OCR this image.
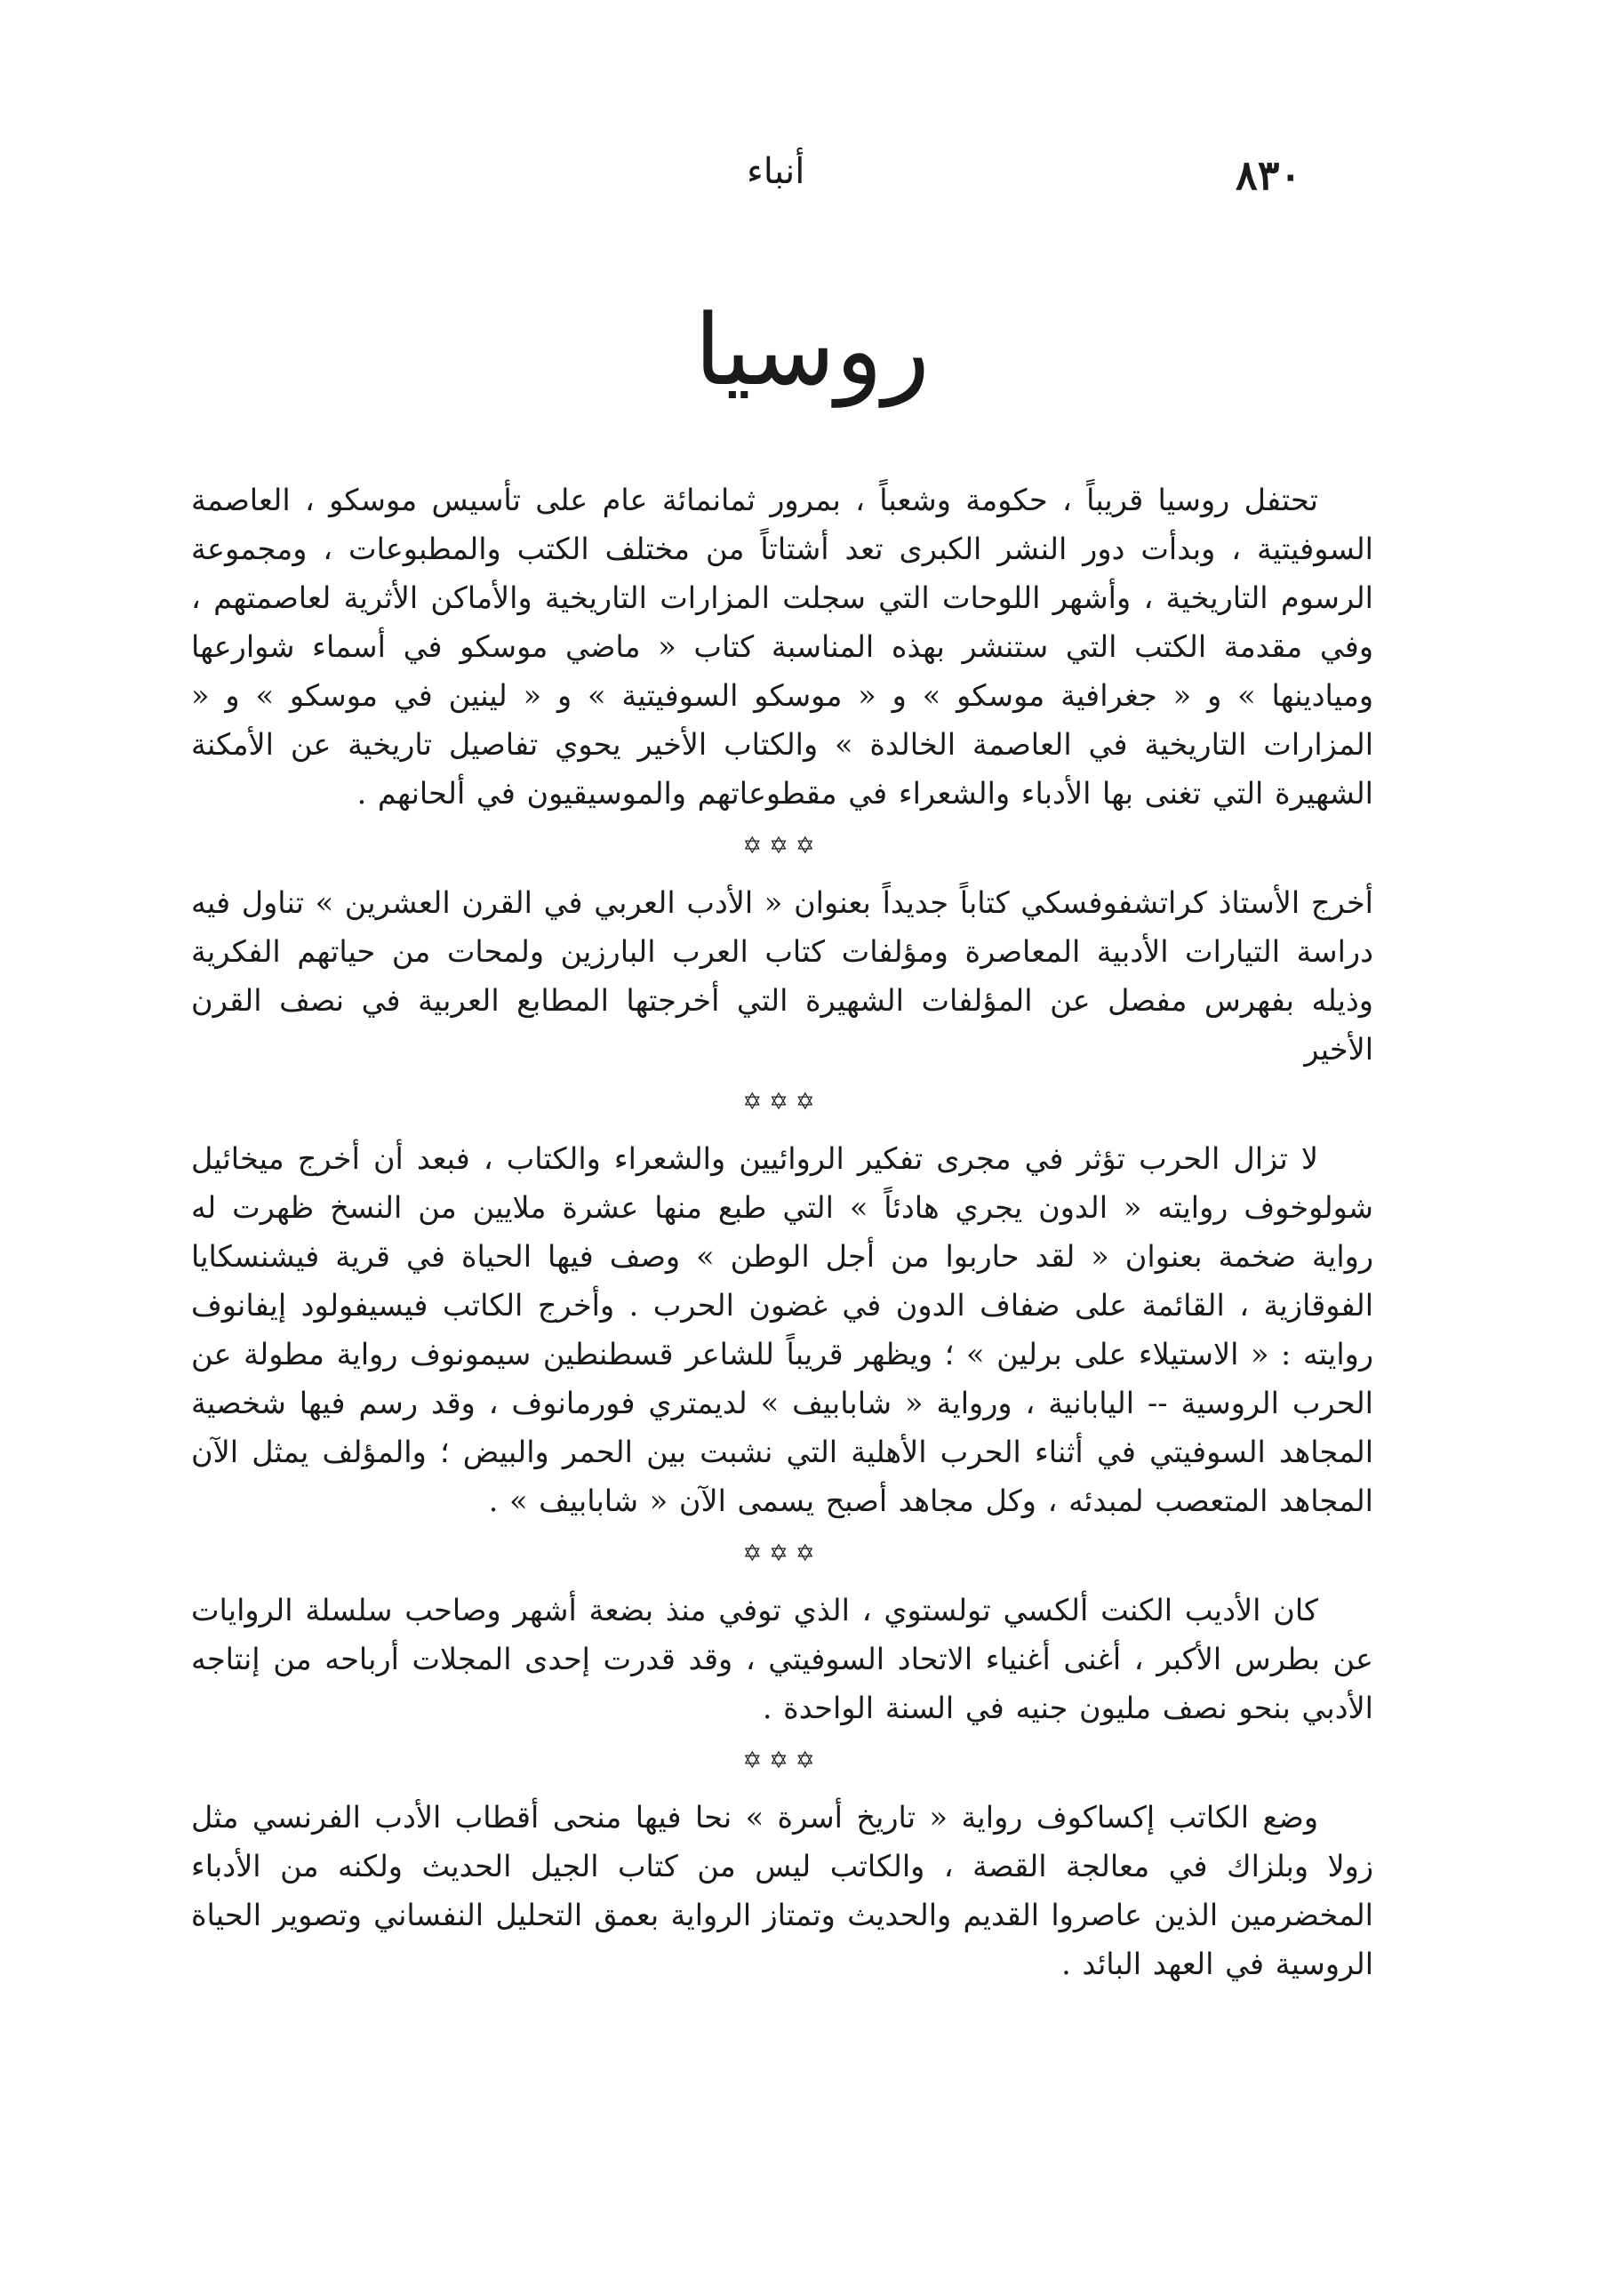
٨٣٠
أنباء
روسيا

تحتفل روسيا قريباً ، حكومة وشعباً ، بمرور ثمانمائة عام على تأسيس موسكو ، العاصمة السوفيتية ، وبدأت دور النشر الكبرى تعد أشتاتاً من مختلف الكتب والمطبوعات ، ومجموعة الرسوم التاريخية ، وأشهر اللوحات التي سجلت المزارات التاريخية والأماكن الأثرية لعاصمتهم ، وفي مقدمة الكتب التي ستنشر بهذه المناسبة كتاب « ماضي موسكو في أسماء شوارعها وميادينها » و « جغرافية موسكو » و « موسكو السوفيتية » و « لينين في موسكو » و « المزارات التاريخية في العاصمة الخالدة » والكتاب الأخير يحوي تفاصيل تاريخية عن الأمكنة الشهيرة التي تغنى بها الأدباء والشعراء في مقطوعاتهم والموسيقيون في ألحانهم .

✡✡✡

أخرج الأستاذ كراتشفوفسكي كتاباً جديداً بعنوان « الأدب العربي في القرن العشرين » تناول فيه دراسة التيارات الأدبية المعاصرة ومؤلفات كتاب العرب البارزين ولمحات من حياتهم الفكرية وذيله بفهرس مفصل عن المؤلفات الشهيرة التي أخرجتها المطابع العربية في نصف القرن الأخير

✡✡✡

لا تزال الحرب تؤثر في مجرى تفكير الروائيين والشعراء والكتاب ، فبعد أن أخرج ميخائيل شولوخوف روايته « الدون يجري هادئاً » التي طبع منها عشرة ملايين من النسخ ظهرت له رواية ضخمة بعنوان « لقد حاربوا من أجل الوطن » وصف فيها الحياة في قرية فيشنسكايا الفوقازية ، القائمة على ضفاف الدون في غضون الحرب . وأخرج الكاتب فيسيفولود إيفانوف روايته : « الاستيلاء على برلين » ؛ ويظهر قريباً للشاعر قسطنطين سيمونوف رواية مطولة عن الحرب الروسية -- اليابانية ، ورواية « شابابيف » لديمتري فورمانوف ، وقد رسم فيها شخصية المجاهد السوفيتي في أثناء الحرب الأهلية التي نشبت بين الحمر والبيض ؛ والمؤلف يمثل الآن المجاهد المتعصب لمبدئه ، وكل مجاهد أصبح يسمى الآن « شابابيف » .

✡✡✡

كان الأديب الكنت ألكسي تولستوي ، الذي توفي منذ بضعة أشهر وصاحب سلسلة الروايات عن بطرس الأكبر ، أغنى أغنياء الاتحاد السوفيتي ، وقد قدرت إحدى المجلات أرباحه من إنتاجه الأدبي بنحو نصف مليون جنيه في السنة الواحدة .

✡✡✡

وضع الكاتب إكساكوف رواية « تاريخ أسرة » نحا فيها منحى أقطاب الأدب الفرنسي مثل زولا وبلزاك في معالجة القصة ، والكاتب ليس من كتاب الجيل الحديث ولكنه من الأدباء المخضرمين الذين عاصروا القديم والحديث وتمتاز الرواية بعمق التحليل النفساني وتصوير الحياة الروسية في العهد البائد .
